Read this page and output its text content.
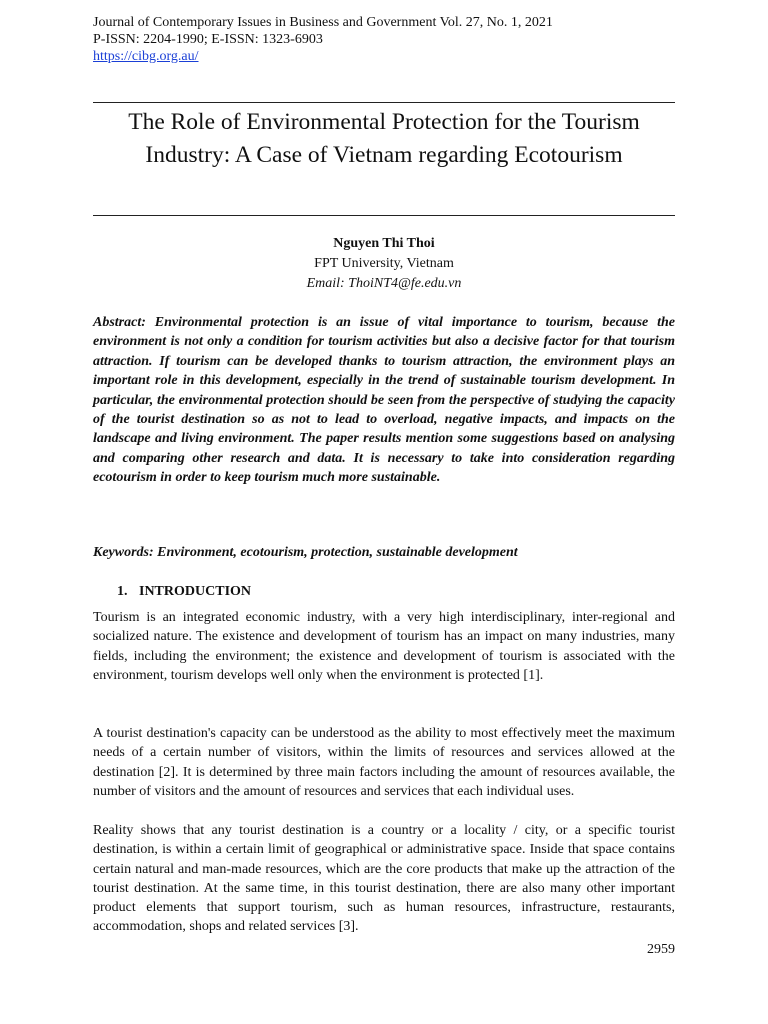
Journal of Contemporary Issues in Business and Government Vol. 27, No. 1, 2021
P-ISSN: 2204-1990; E-ISSN: 1323-6903
https://cibg.org.au/
The Role of Environmental Protection for the Tourism Industry: A Case of Vietnam regarding Ecotourism
Nguyen Thi Thoi
FPT University, Vietnam
Email: ThoiNT4@fe.edu.vn

Abstract: Environmental protection is an issue of vital importance to tourism, because the environment is not only a condition for tourism activities but also a decisive factor for that tourism attraction. If tourism can be developed thanks to tourism attraction, the environment plays an important role in this development, especially in the trend of sustainable tourism development. In particular, the environmental protection should be seen from the perspective of studying the capacity of the tourist destination so as not to lead to overload, negative impacts, and impacts on the landscape and living environment. The paper results mention some suggestions based on analysing and comparing other research and data. It is necessary to take into consideration regarding ecotourism in order to keep tourism much more sustainable.

Keywords: Environment, ecotourism, protection, sustainable development

1. INTRODUCTION

Tourism is an integrated economic industry, with a very high interdisciplinary, inter-regional and socialized nature. The existence and development of tourism has an impact on many industries, many fields, including the environment; the existence and development of tourism is associated with the environment, tourism develops well only when the environment is protected [1].

A tourist destination's capacity can be understood as the ability to most effectively meet the maximum needs of a certain number of visitors, within the limits of resources and services allowed at the destination [2]. It is determined by three main factors including the amount of resources available, the number of visitors and the amount of resources and services that each individual uses.

Reality shows that any tourist destination is a country or a locality / city, or a specific tourist destination, is within a certain limit of geographical or administrative space. Inside that space contains certain natural and man-made resources, which are the core products that make up the attraction of the tourist destination. At the same time, in this tourist destination, there are also many other important product elements that support tourism, such as human resources, infrastructure, restaurants, accommodation, shops and related services [3].

2959
